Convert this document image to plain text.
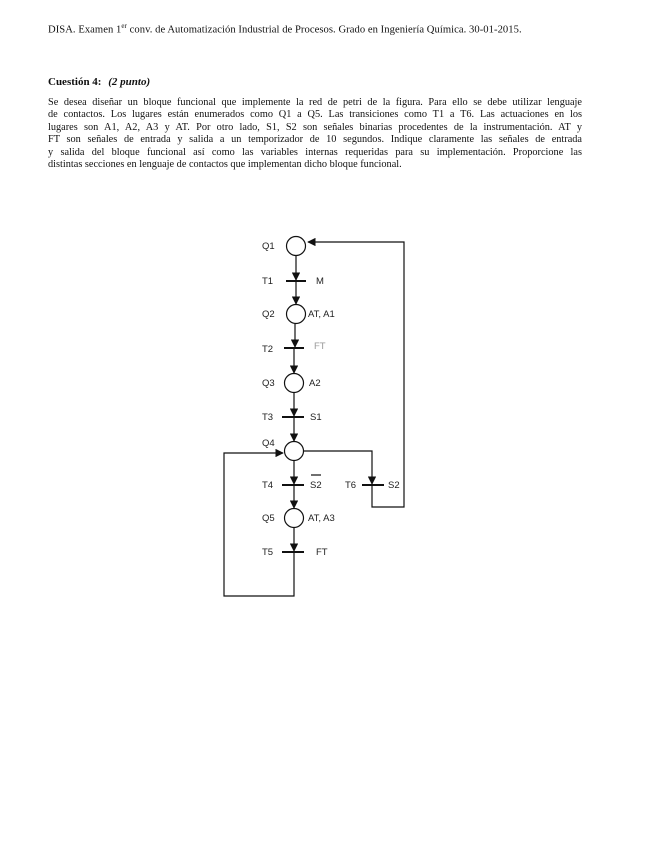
DISA. Examen 1er conv. de Automatización Industrial de Procesos. Grado en Ingeniería Química. 30-01-2015.
Cuestión 4: (2 punto)
Se desea diseñar un bloque funcional que implemente la red de petri de la figura. Para ello se debe utilizar lenguaje
de contactos. Los lugares están enumerados como Q1 a Q5. Las transiciones como T1 a T6. Las actuaciones en los
lugares son A1, A2, A3 y AT. Por otro lado, S1, S2 son señales binarias procedentes de la instrumentación. AT y
FT son señales de entrada y salida a un temporizador de 10 segundos. Indique claramente las señales de entrada
y salida del bloque funcional así como las variables internas requeridas para su implementación. Proporcione las
distintas secciones en lenguaje de contactos que implementan dicho bloque funcional.
Q1
Q2
Q3
Q4
Q5
AT, A1
A2
AT, A3
T1
T2
T3
T4
T5
T6
M
FT
S1
S2
FT
S2
